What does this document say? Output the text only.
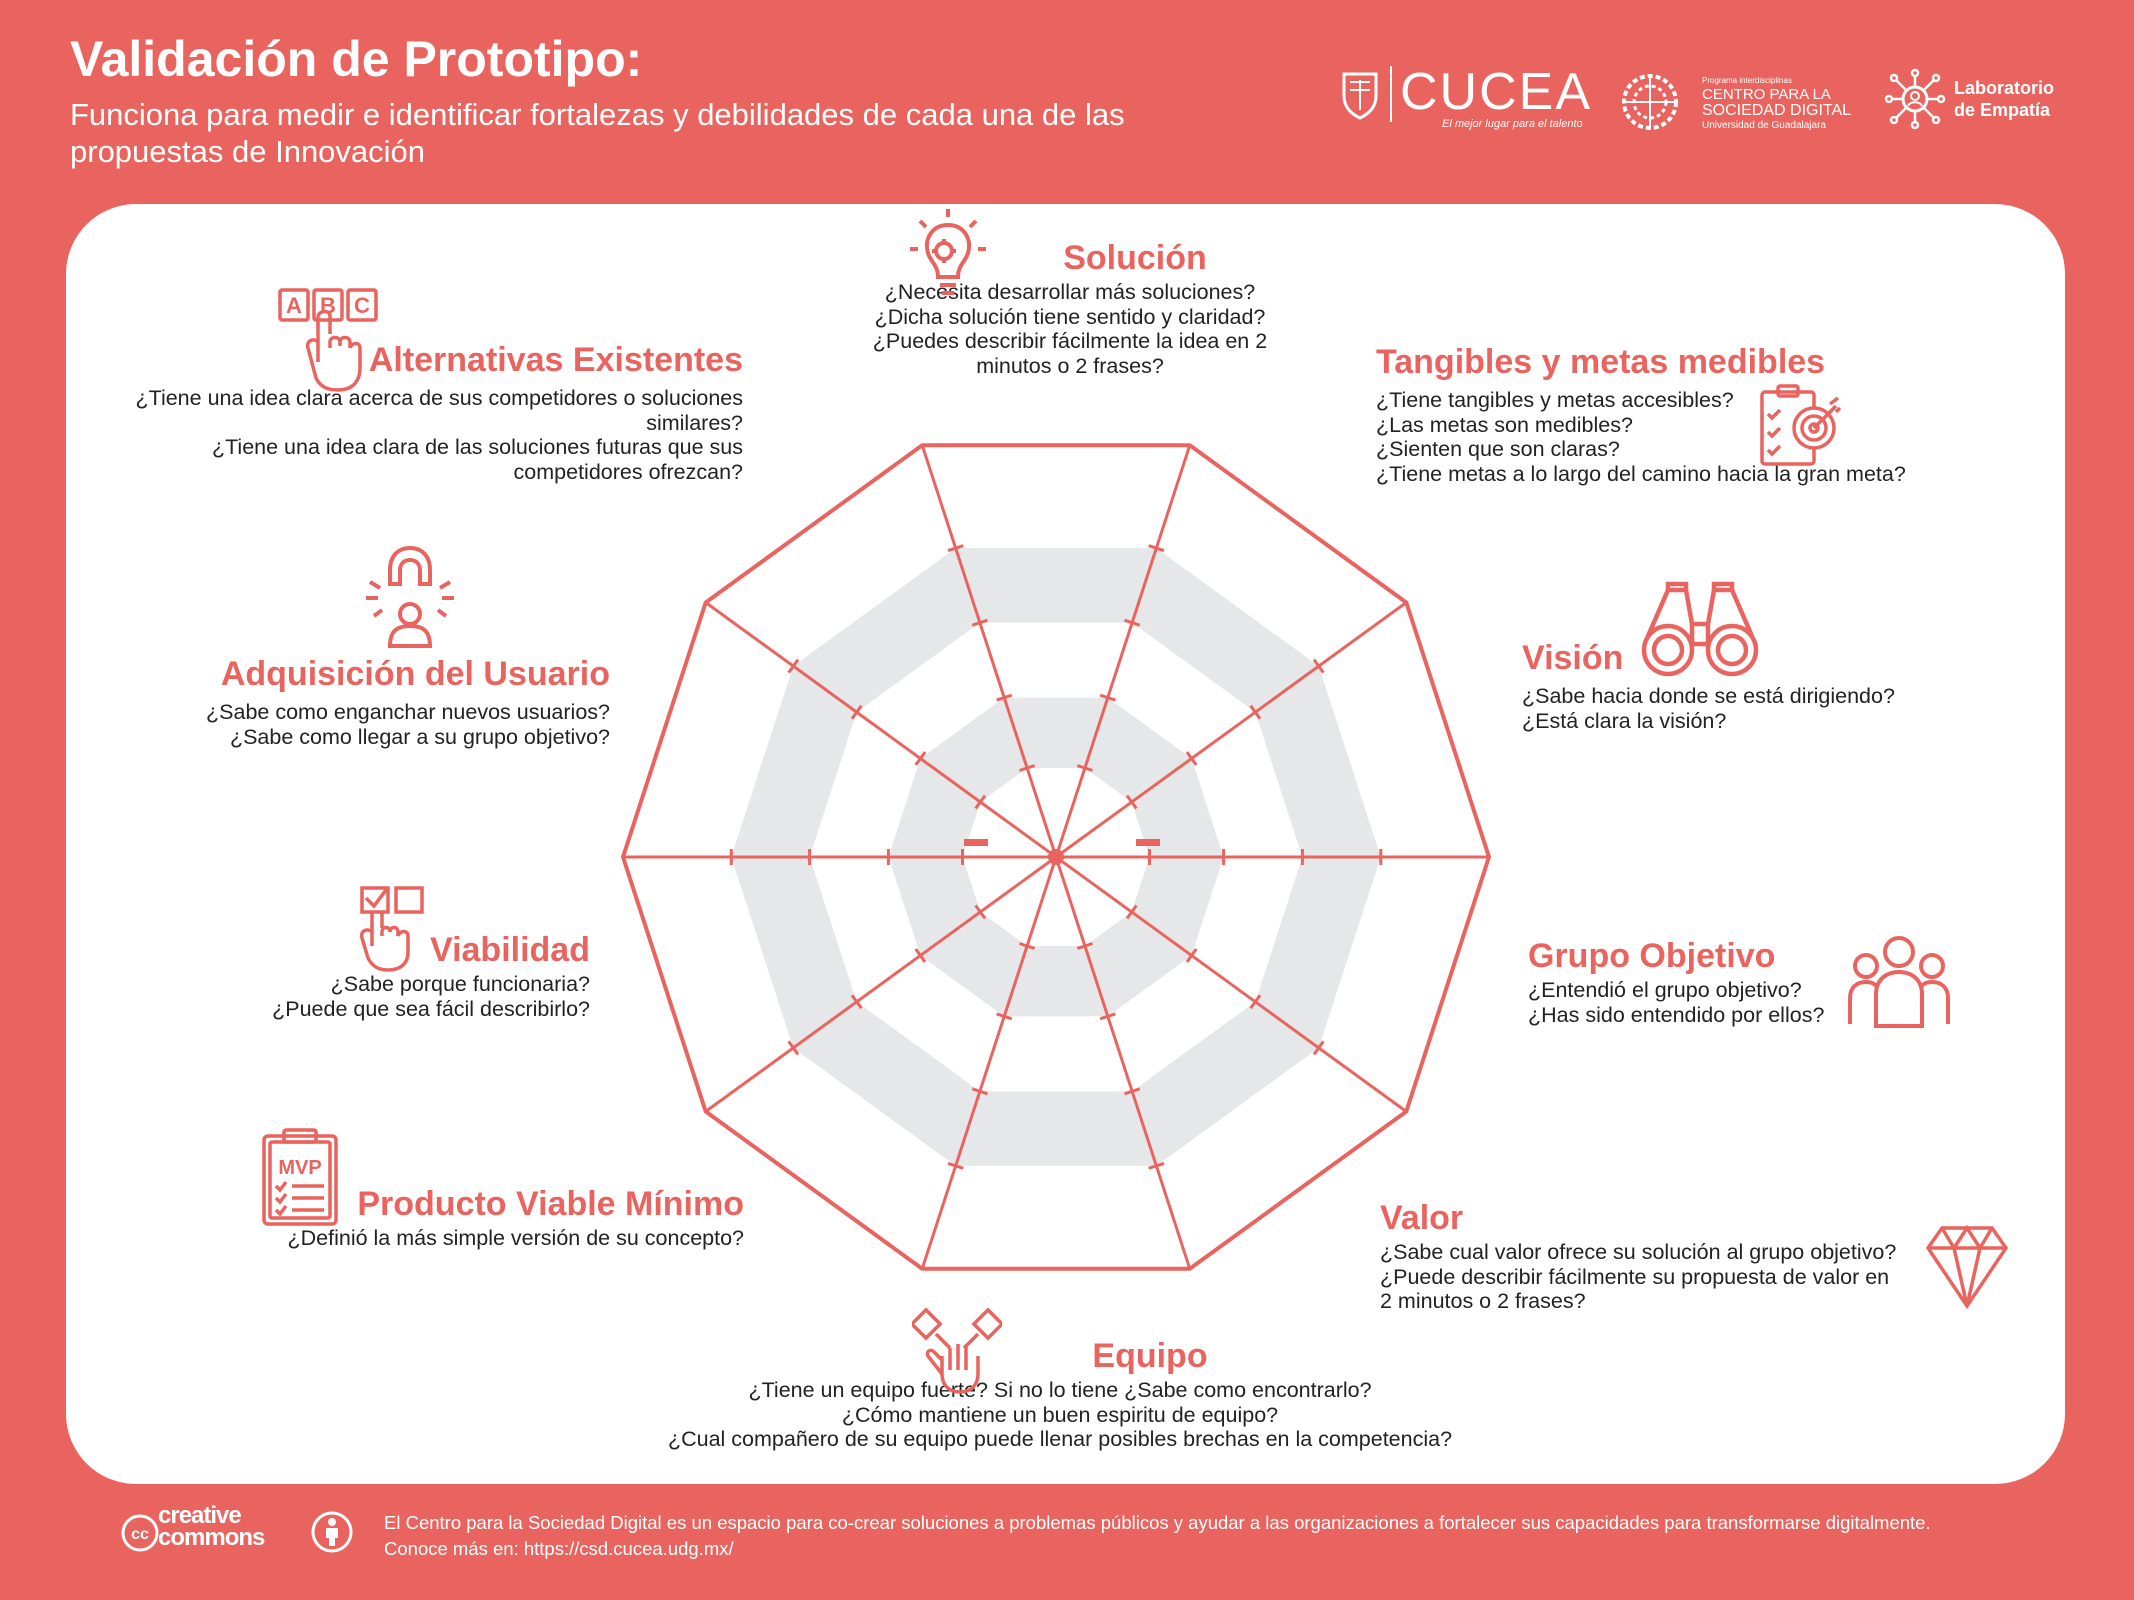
Validación de Prototipo:

Funciona para medir e identificar fortalezas y debilidades de cada una de las propuestas de Innovación

CUCEA
El mejor lugar para el talento
Programa interdisciplinas
CENTRO PARA LA
SOCIEDAD DIGITAL
Universidad de Guadalajara
Laboratorio
de Empatía
Solución
¿Necesita desarrollar más soluciones?
¿Dicha solución tiene sentido y claridad?
¿Puedes describir fácilmente la idea en 2
minutos o 2 frases?
Alternativas Existentes
¿Tiene una idea clara acerca de sus competidores o soluciones
similares?
¿Tiene una idea clara de las soluciones futuras que sus
competidores ofrezcan?
A B C
Tangibles y metas medibles
¿Tiene tangibles y metas accesibles?
¿Las metas son medibles?
¿Sienten que son claras?
¿Tiene metas a lo largo del camino hacia la gran meta?
Adquisición del Usuario
¿Sabe como enganchar nuevos usuarios?
¿Sabe como llegar a su grupo objetivo?
Visión
¿Sabe hacia donde se está dirigiendo?
¿Está clara la visión?
Viabilidad
¿Sabe porque funcionaria?
¿Puede que sea fácil describirlo?
Grupo Objetivo
¿Entendió el grupo objetivo?
¿Has sido entendido por ellos?
Producto Viable Mínimo
¿Definió la más simple versión de su concepto?
MVP
Valor
¿Sabe cual valor ofrece su solución al grupo objetivo?
¿Puede describir fácilmente su propuesta de valor en
2 minutos o 2 frases?
Equipo
¿Tiene un equipo fuerte? Si no lo tiene ¿Sabe como encontrarlo?
¿Cómo mantiene un buen espiritu de equipo?
¿Cual compañero de su equipo puede llenar posibles brechas en la competencia?
cc
creative
commons
El Centro para la Sociedad Digital es un espacio para co-crear soluciones a problemas públicos y ayudar a las organizaciones a fortalecer sus capacidades para transformarse digitalmente.
Conoce más en: https://csd.cucea.udg.mx/
